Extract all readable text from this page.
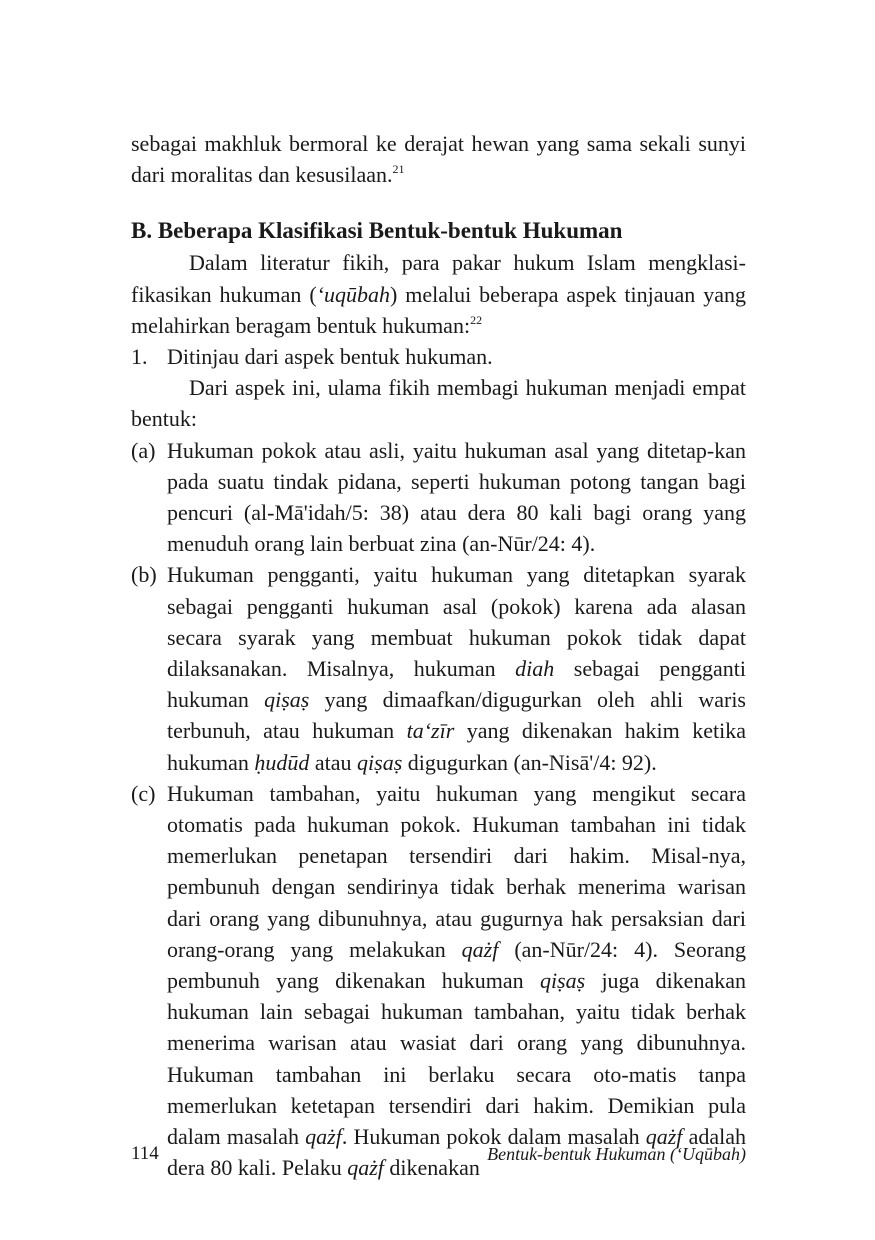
sebagai makhluk bermoral ke derajat hewan yang sama sekali sunyi dari moralitas dan kesusilaan.$^{21}$

B. Beberapa Klasifikasi Bentuk-bentuk Hukuman

Dalam literatur fikih, para pakar hukum Islam mengklasi-fikasikan hukuman (‘uqūbah) melalui beberapa aspek tinjauan yang melahirkan beragam bentuk hukuman:$^{22}$

1. Ditinjau dari aspek bentuk hukuman.

Dari aspek ini, ulama fikih membagi hukuman menjadi empat bentuk:

(a) Hukuman pokok atau asli, yaitu hukuman asal yang ditetap-kan pada suatu tindak pidana, seperti hukuman potong tangan bagi pencuri (al-Mā'idah/5: 38) atau dera 80 kali bagi orang yang menuduh orang lain berbuat zina (an-Nūr/24: 4).
(b) Hukuman pengganti, yaitu hukuman yang ditetapkan syarak sebagai pengganti hukuman asal (pokok) karena ada alasan secara syarak yang membuat hukuman pokok tidak dapat dilaksanakan. Misalnya, hukuman diah sebagai pengganti hukuman qiṣaṣ yang dimaafkan/digugurkan oleh ahli waris terbunuh, atau hukuman ta‘zīr yang dikenakan hakim ketika hukuman ḥudūd atau qiṣaṣ digugurkan (an-Nisā'/4: 92).
(c) Hukuman tambahan, yaitu hukuman yang mengikut secara otomatis pada hukuman pokok. Hukuman tambahan ini tidak memerlukan penetapan tersendiri dari hakim. Misal-nya, pembunuh dengan sendirinya tidak berhak menerima warisan dari orang yang dibunuhnya, atau gugurnya hak persaksian dari orang-orang yang melakukan qażf (an-Nūr/24: 4). Seorang pembunuh yang dikenakan hukuman qiṣaṣ juga dikenakan hukuman lain sebagai hukuman tambahan, yaitu tidak berhak menerima warisan atau wasiat dari orang yang dibunuhnya. Hukuman tambahan ini berlaku secara oto-matis tanpa memerlukan ketetapan tersendiri dari hakim. Demikian pula dalam masalah qażf. Hukuman pokok dalam masalah qażf adalah dera 80 kali. Pelaku qażf dikenakan
114	Bentuk-bentuk Hukuman (‘Uqūbah)
